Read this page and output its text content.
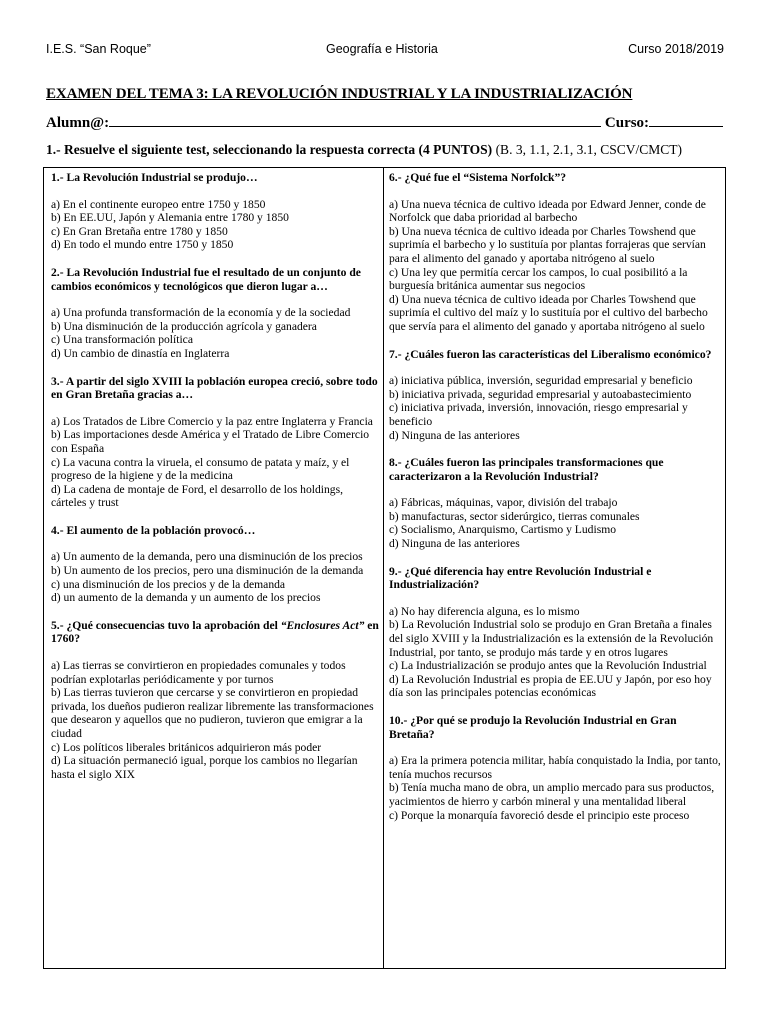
I.E.S. “San Roque”	Geografía e Historia	Curso 2018/2019
EXAMEN DEL TEMA 3: LA REVOLUCIÓN INDUSTRIAL Y LA INDUSTRIALIZACIÓN
Alumn@:	Curso:
1.- Resuelve el siguiente test, seleccionando la respuesta correcta (4 PUNTOS) (B. 3, 1.1, 2.1, 3.1, CSCV/CMCT)
1.- La Revolución Industrial se produjo…
a) En el continente europeo entre 1750 y 1850
b) En EE.UU, Japón y Alemania entre 1780 y 1850
c) En Gran Bretaña entre 1780 y 1850
d) En todo el mundo entre 1750 y 1850
2.- La Revolución Industrial fue el resultado de un conjunto de cambios económicos y tecnológicos que dieron lugar a…
a) Una profunda transformación de la economía y de la sociedad
b) Una disminución de la producción agrícola y ganadera
c) Una transformación política
d) Un cambio de dinastía en Inglaterra
3.- A partir del siglo XVIII la población europea creció, sobre todo en Gran Bretaña gracias a…
a) Los Tratados de Libre Comercio y la paz entre Inglaterra y Francia
b) Las importaciones desde América y el Tratado de Libre Comercio con España
c) La vacuna contra la viruela, el consumo de patata y maíz, y el progreso de la higiene y de la medicina
d) La cadena de montaje de Ford, el desarrollo de los holdings, cárteles y trust
4.- El aumento de la población provocó…
a) Un aumento de la demanda, pero una disminución de los precios
b) Un aumento de los precios, pero una disminución de la demanda
c) una disminución de los precios y de la demanda
d) un aumento de la demanda y un aumento de los precios
5.- ¿Qué consecuencias tuvo la aprobación del “Enclosures Act” en 1760?
a) Las tierras se convirtieron en propiedades comunales y todos podrían explotarlas periódicamente y por turnos
b) Las tierras tuvieron que cercarse y se convirtieron en propiedad privada, los dueños pudieron realizar libremente las transformaciones que desearon y aquellos que no pudieron, tuvieron que emigrar a la ciudad
c) Los políticos liberales británicos adquirieron más poder
d) La situación permaneció igual, porque los cambios no llegarían hasta el siglo XIX
6.- ¿Qué fue el “Sistema Norfolck”?
a) Una nueva técnica de cultivo ideada por Edward Jenner, conde de Norfolck que daba prioridad al barbecho
b) Una nueva técnica de cultivo ideada por Charles Towshend que suprimía el barbecho y lo sustituía por plantas forrajeras que servían para el alimento del ganado y aportaba nitrógeno al suelo
c) Una ley que permitía cercar los campos, lo cual posibilitó a la burguesía británica aumentar sus negocios
d) Una nueva técnica de cultivo ideada por Charles Towshend que suprimía el cultivo del maíz y lo sustituía por el cultivo del barbecho que servía para el alimento del ganado y aportaba nitrógeno al suelo
7.- ¿Cuáles fueron las características del Liberalismo económico?
a) iniciativa pública, inversión, seguridad empresarial y beneficio
b) iniciativa privada, seguridad empresarial y autoabastecimiento
c) iniciativa privada, inversión, innovación, riesgo empresarial y beneficio
d) Ninguna de las anteriores
8.- ¿Cuáles fueron las principales transformaciones que caracterizaron a la Revolución Industrial?
a) Fábricas, máquinas, vapor, división del trabajo
b) manufacturas, sector siderúrgico, tierras comunales
c) Socialismo, Anarquismo, Cartismo y Ludismo
d) Ninguna de las anteriores
9.- ¿Qué diferencia hay entre Revolución Industrial e Industrialización?
a) No hay diferencia alguna, es lo mismo
b) La Revolución Industrial solo se produjo en Gran Bretaña a finales del siglo XVIII y la Industrialización es la extensión de la Revolución Industrial, por tanto, se produjo más tarde y en otros lugares
c) La Industrialización se produjo antes que la Revolución Industrial
d) La Revolución Industrial es propia de EE.UU y Japón, por eso hoy día son las principales potencias económicas
10.- ¿Por qué se produjo la Revolución Industrial en Gran Bretaña?
a) Era la primera potencia militar, había conquistado la India, por tanto, tenía muchos recursos
b) Tenía mucha mano de obra, un amplio mercado para sus productos, yacimientos de hierro y carbón mineral y una mentalidad liberal
c) Porque la monarquía favoreció desde el principio este proceso
